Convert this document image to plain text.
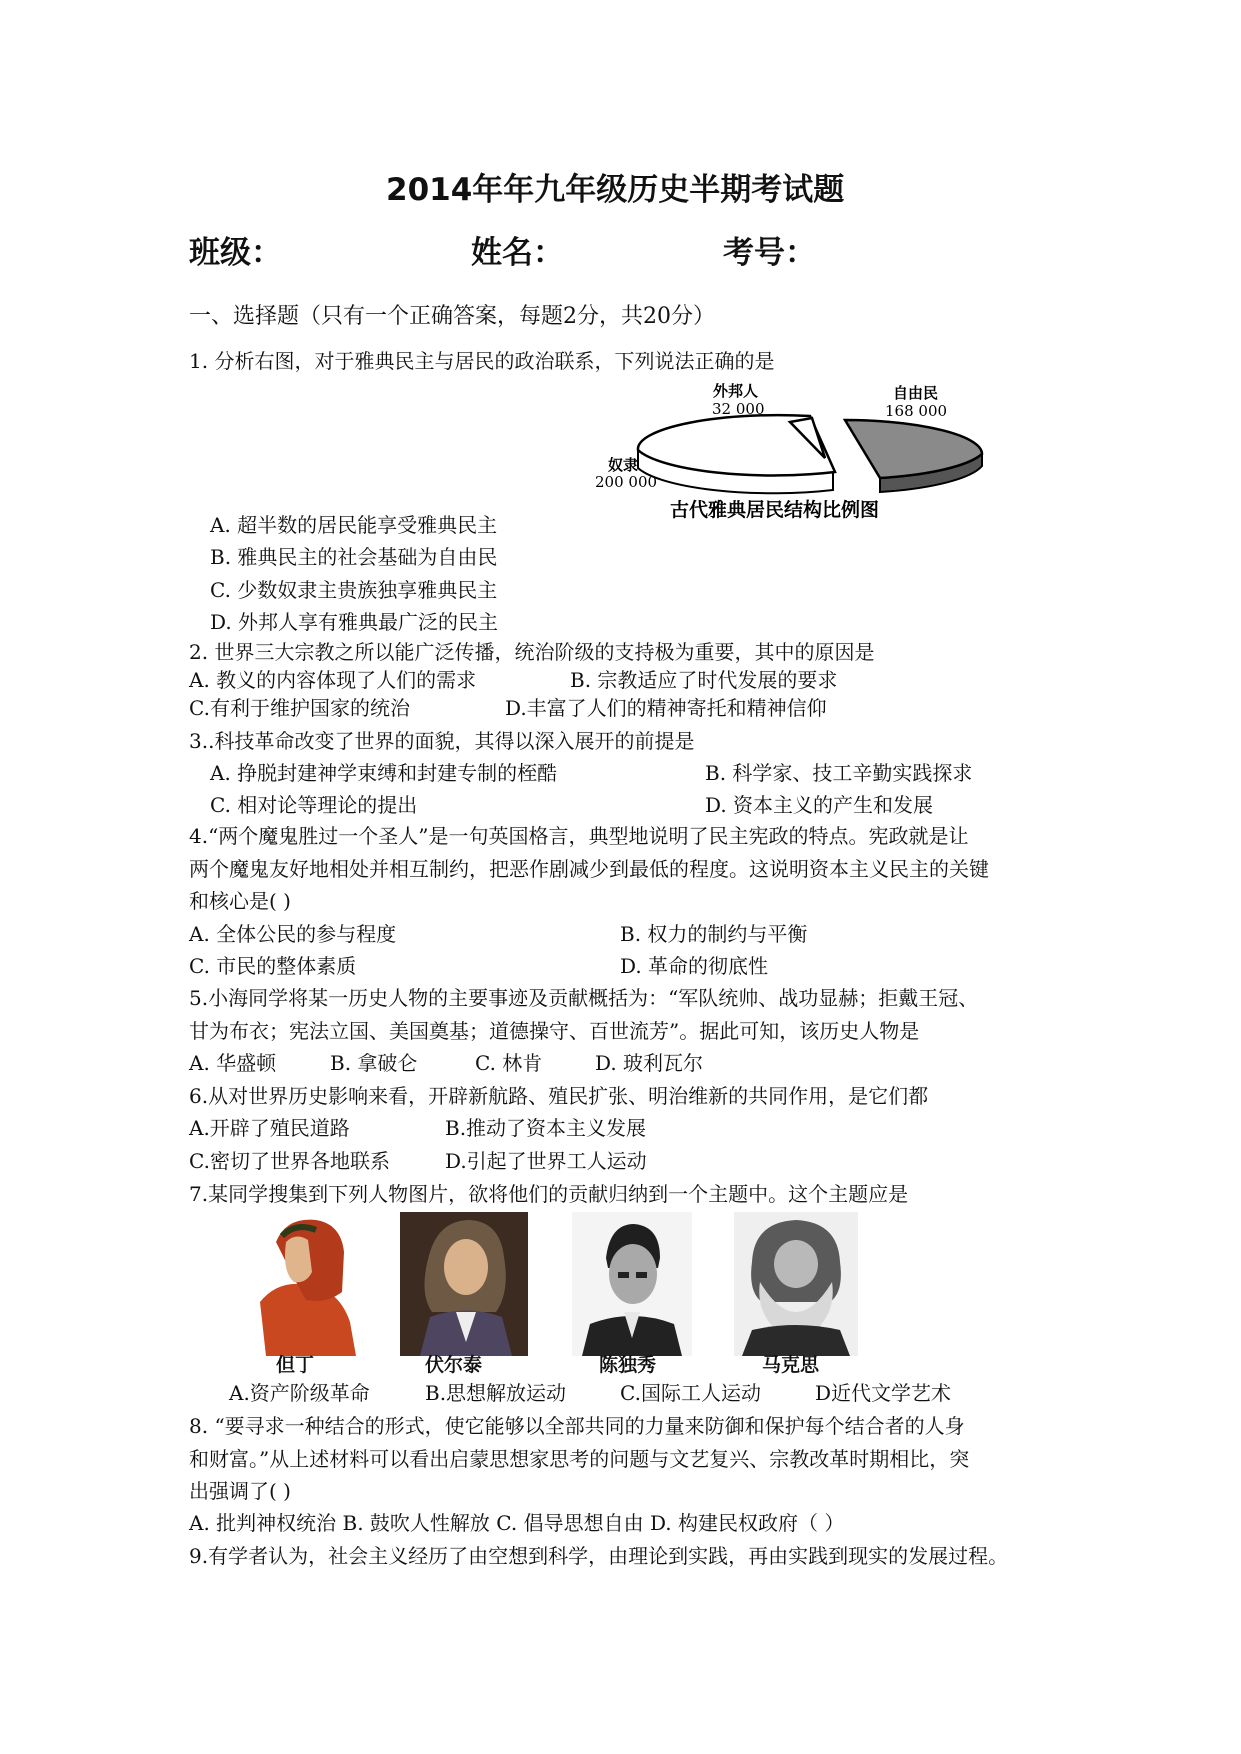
2014年年九年级历史半期考试题
班级：	姓名：	考号：
一、选择题（只有一个正确答案，每题2分，共20分）
1. 分析右图，对于雅典民主与居民的政治联系，下列说法正确的是
外邦人
32 000
自由民
168 000
奴隶
200 000
古代雅典居民结构比例图
A. 超半数的居民能享受雅典民主
B. 雅典民主的社会基础为自由民
C. 少数奴隶主贵族独享雅典民主
D. 外邦人享有雅典最广泛的民主
2. 世界三大宗教之所以能广泛传播，统治阶级的支持极为重要，其中的原因是
A. 教义的内容体现了人们的需求	B. 宗教适应了时代发展的要求
C.有利于维护国家的统治	D.丰富了人们的精神寄托和精神信仰
3..科技革命改变了世界的面貌，其得以深入展开的前提是
A. 挣脱封建神学束缚和封建专制的桎酷	B. 科学家、技工辛勤实践探求
C. 相对论等理论的提出	D. 资本主义的产生和发展
4.“两个魔鬼胜过一个圣人”是一句英国格言，典型地说明了民主宪政的特点。宪政就是让
两个魔鬼友好地相处并相互制约，把恶作剧减少到最低的程度。这说明资本主义民主的关键
和核心是( )
A. 全体公民的参与程度	B. 权力的制约与平衡
C. 市民的整体素质	D. 革命的彻底性
5.小海同学将某一历史人物的主要事迹及贡献概括为：“军队统帅、战功显赫；拒戴王冠、
甘为布衣；宪法立国、美国奠基；道德操守、百世流芳”。据此可知，该历史人物是
A. 华盛顿	B. 拿破仑	C. 林肯	D. 玻利瓦尔
6.从对世界历史影响来看，开辟新航路、殖民扩张、明治维新的共同作用，是它们都
A.开辟了殖民道路	B.推动了资本主义发展
C.密切了世界各地联系	D.引起了世界工人运动
7.某同学搜集到下列人物图片，欲将他们的贡献归纳到一个主题中。这个主题应是
但丁	伏尔泰	陈独秀	马克思
A.资产阶级革命	B.思想解放运动	C.国际工人运动	D近代文学艺术
8. “要寻求一种结合的形式，使它能够以全部共同的力量来防御和保护每个结合者的人身
和财富。”从上述材料可以看出启蒙思想家思考的问题与文艺复兴、宗教改革时期相比，突
出强调了( )
A. 批判神权统治 B. 鼓吹人性解放 C. 倡导思想自由 D. 构建民权政府（ ）
9.有学者认为，社会主义经历了由空想到科学，由理论到实践，再由实践到现实的发展过程。
